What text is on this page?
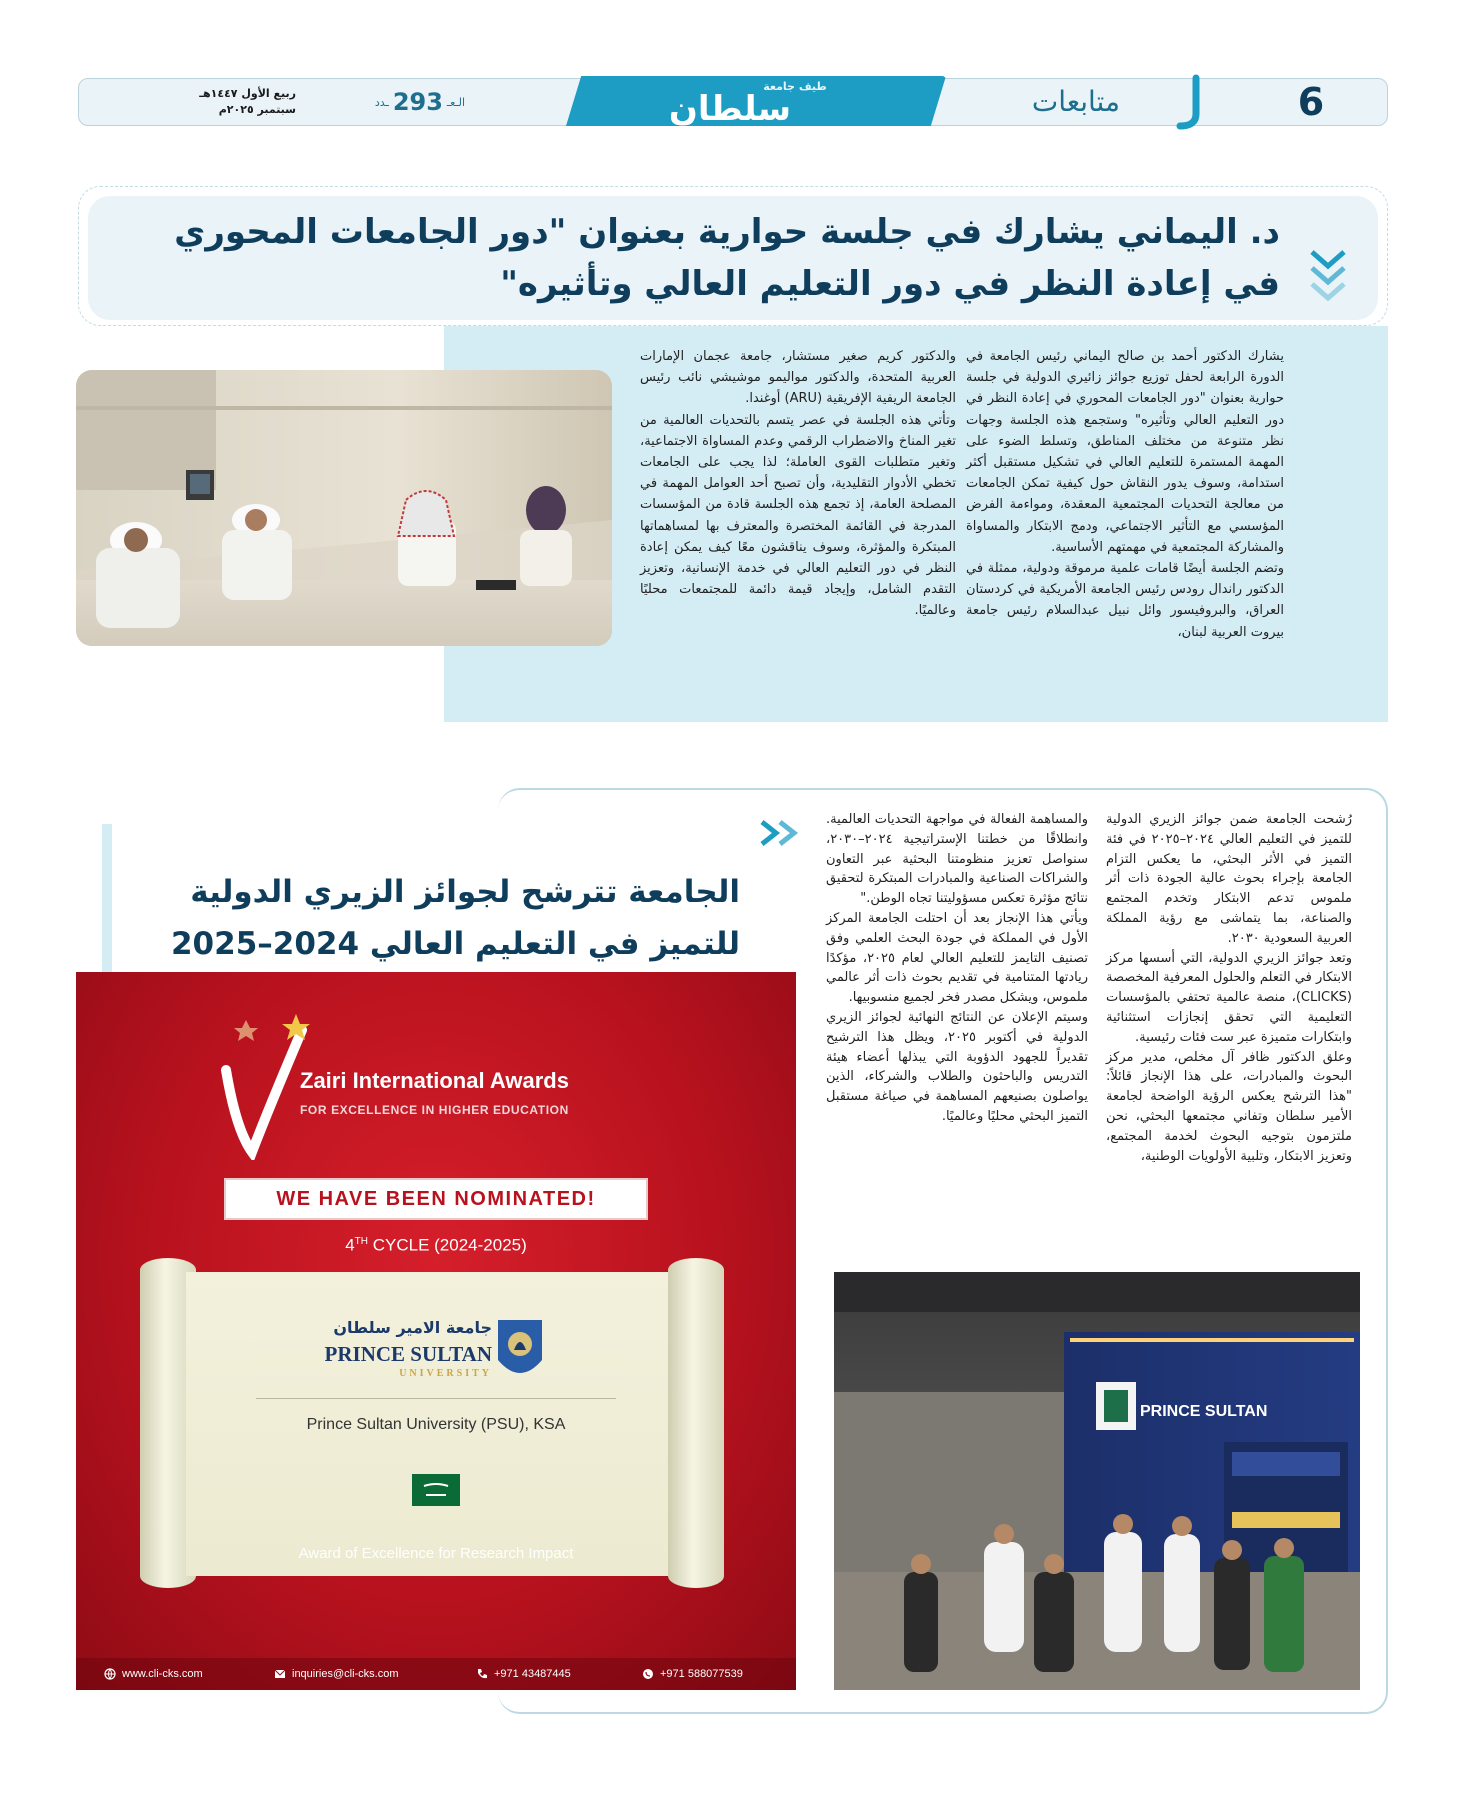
6
متابعات
سلطان
طيف جامعة
ـدد 293 الـعـ
ربيع الأول ١٤٤٧هـ
سبتمبر ٢٠٢٥م
د. اليماني يشارك في جلسة حوارية بعنوان "دور الجامعات المحوري في إعادة النظر في دور التعليم العالي وتأثيره"

يشارك الدكتور أحمد بن صالح اليماني رئيس الجامعة في الدورة الرابعة لحفل توزيع جوائز زائيري الدولية في جلسة حوارية بعنوان "دور الجامعات المحوري في إعادة النظر في دور التعليم العالي وتأثيره" وستجمع هذه الجلسة وجهات نظر متنوعة من مختلف المناطق، وتسلط الضوء على المهمة المستمرة للتعليم العالي في تشكيل مستقبل أكثر استدامة، وسوف يدور النقاش حول كيفية تمكن الجامعات من معالجة التحديات المجتمعية المعقدة، ومواءمة الفرض المؤسسي مع التأثير الاجتماعي، ودمج الابتكار والمساواة والمشاركة المجتمعية في مهمتهم الأساسية.

وتضم الجلسة أيضًا قامات علمية مرموقة ودولية، ممثلة في الدكتور راندال رودس رئيس الجامعة الأمريكية في كردستان العراق، والبروفيسور وائل نبيل عبدالسلام رئيس جامعة بيروت العربية لبنان،

والدكتور كريم صغير مستشار، جامعة عجمان الإمارات العربية المتحدة، والدكتور مواليمو موشيشي نائب رئيس الجامعة الريفية الإفريقية (ARU) أوغندا.

وتأتي هذه الجلسة في عصر يتسم بالتحديات العالمية من تغير المناخ والاضطراب الرقمي وعدم المساواة الاجتماعية، وتغير متطلبات القوى العاملة؛ لذا يجب على الجامعات تخطي الأدوار التقليدية، وأن تصبح أحد العوامل المهمة في المصلحة العامة، إذ تجمع هذه الجلسة قادة من المؤسسات المدرجة في القائمة المختصرة والمعترف بها لمساهماتها المبتكرة والمؤثرة، وسوف يناقشون معًا كيف يمكن إعادة النظر في دور التعليم العالي في خدمة الإنسانية، وتعزيز التقدم الشامل، وإيجاد قيمة دائمة للمجتمعات محليًا وعالميًا.

الجامعة تترشح لجوائز الزيري الدولية للتميز في التعليم العالي 2024–2025

رُشحت الجامعة ضمن جوائز الزيري الدولية للتميز في التعليم العالي ٢٠٢٤–٢٠٢٥ في فئة التميز في الأثر البحثي، ما يعكس التزام الجامعة بإجراء بحوث عالية الجودة ذات أثر ملموس تدعم الابتكار وتخدم المجتمع والصناعة، بما يتماشى مع رؤية المملكة العربية السعودية ٢٠٣٠.

وتعد جوائز الزيري الدولية، التي أسسها مركز الابتكار في التعلم والحلول المعرفية المخصصة (CLICKS)، منصة عالمية تحتفي بالمؤسسات التعليمية التي تحقق إنجازات استثنائية وابتكارات متميزة عبر ست فئات رئيسية.

وعلق الدكتور ظافر آل مخلص، مدير مركز البحوث والمبادرات، على هذا الإنجاز قائلاً: "هذا الترشح يعكس الرؤية الواضحة لجامعة الأمير سلطان وتفاني مجتمعها البحثي، نحن ملتزمون بتوجيه البحوث لخدمة المجتمع، وتعزيز الابتكار، وتلبية الأولويات الوطنية،

والمساهمة الفعالة في مواجهة التحديات العالمية. وانطلاقًا من خطتنا الإستراتيجية ٢٠٢٤–٢٠٣٠، سنواصل تعزيز منظومتنا البحثية عبر التعاون والشراكات الصناعية والمبادرات المبتكرة لتحقيق نتائج مؤثرة تعكس مسؤوليتنا تجاه الوطن."

ويأتي هذا الإنجاز بعد أن احتلت الجامعة المركز الأول في المملكة في جودة البحث العلمي وفق تصنيف التايمز للتعليم العالي لعام ٢٠٢٥، مؤكدًا ريادتها المتنامية في تقديم بحوث ذات أثر عالمي ملموس، ويشكل مصدر فخر لجميع منسوبيها.

وسيتم الإعلان عن النتائج النهائية لجوائز الزيري الدولية في أكتوبر ٢٠٢٥، ويظل هذا الترشيح تقديراً للجهود الدؤوبة التي يبذلها أعضاء هيئة التدريس والباحثون والطلاب والشركاء، الذين يواصلون بصنيعهم المساهمة في صياغة مستقبل التميز البحثي محليًا وعالميًا.

PRINCE SULTAN
Zairi International Awards
FOR EXCELLENCE IN HIGHER EDUCATION
WE HAVE BEEN NOMINATED!
4TH CYCLE (2024-2025)
جامعة الامير سلطان
PRINCE SULTAN
UNIVERSITY
Prince Sultan University (PSU), KSA
Award of Excellence for Research Impact
www.cli-cks.com	inquiries@cli-cks.com	+971 43487445	+971 588077539
